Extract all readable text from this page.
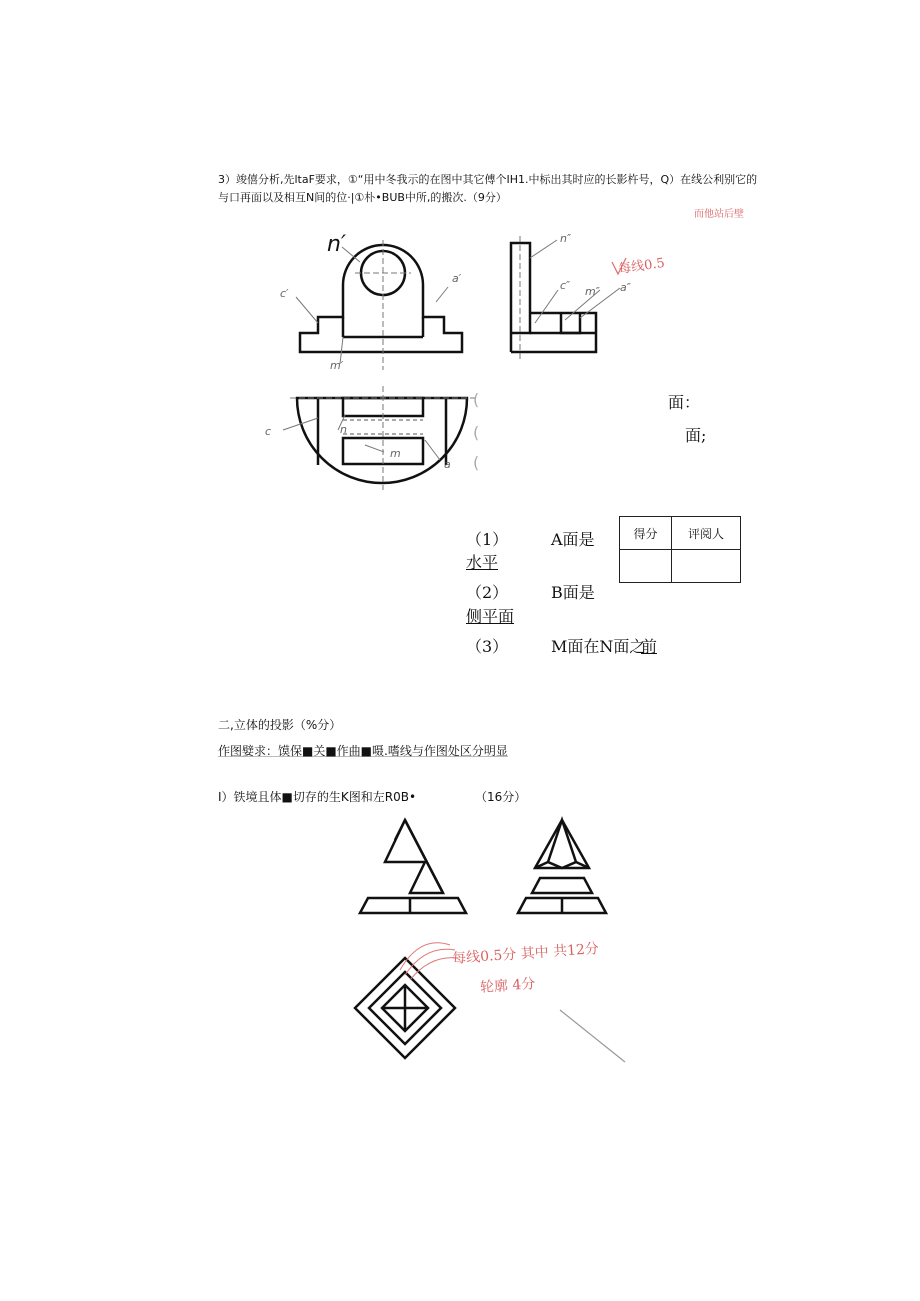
3）竣僖分析,先ltaF要求，①“用中冬我示的在图中其它傅个IH1.中标出其时应的长影杵号，Q）在线公利别它的
与口再面以及相互N间的位·|①朴•BUB中所,的搬次.（9分）
而他站后壁
n′
a′
c′
m′
n″
c″ m″ a″
c	n
m
a
每线0.5
面：
面;
(
(
(
（1）	A面是
水平
（2）	B面是
侧平面
（3）	M面在N面之
前
得分	评阅人

二,立体的投影（%分）
作图嬖求：馍保■关■作曲■嗫.嗜线与作图处区分明显
I）铁境且体■切存的生K图和左R0B•	（16分）
每线0.5分 其中 共12分
轮廓 4分
